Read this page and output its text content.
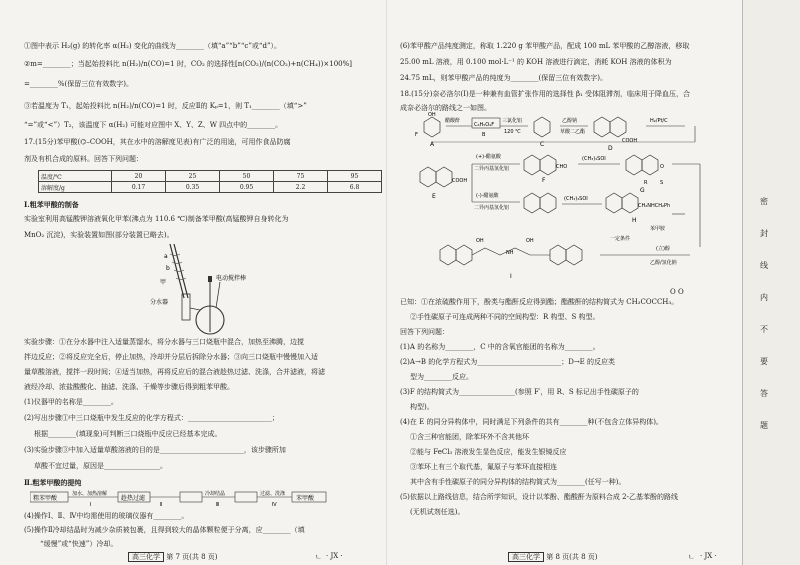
①图中表示 H₂(g) 的转化率 α(H₂) 变化的曲线为________（填“a”“b”“c”或“d”）。
②m=________；当起始投料比 n(H₂)/n(CO)=1 时，CO₂ 的选择性[n(CO₂)/(n(CO₂)+n(CH₄))×100%]
=________%(保留三位有效数字)。
③若温度为 T₁，起始投料比 n(H₂)/n(CO)=1 时，反应Ⅱ的 Kₚ=1，则 T₁________（填“>”
“=”或“<”）T₂，该温度下 α(H₂) 可能对应图中 X、Y、Z、W 四点中的________。
17.(15分)苯甲酸(⌬–COOH，其在水中的溶解度见表)有广泛的用途，可用作食品防腐
剂及有机合成的原料。回答下列问题：
温度/℃	20	25	50	75	95
溶解度/g	0.17	0.35	0.95	2.2	6.8
Ⅰ.粗苯甲酸的制备
实验室利用高锰酸钾溶液氧化甲苯(沸点为 110.6 ℃)制备苯甲酸(高锰酸钾自身转化为
MnO₂ 沉淀)，实验装置如图(部分装置已略去)。
a
b
甲
电动搅拌棒
分水器
实验步骤：①在分水器中注入适量蒸馏水，将分水器与三口烧瓶中混合，加热至沸腾，边搅
拌边反应；②将反应完全后，停止加热，冷却并分层后拆除分水器；③向三口烧瓶中慢慢加入适
量草酸溶液，搅拌一段时间；④适当加热，再将反应后的混合液趁热过滤、洗涤，合并滤液，将滤
液经冷却、浓盐酸酸化、抽滤、洗涤、干燥等步骤后得到粗苯甲酸。
(1)仪器甲的名称是________。
(2)写出步骤①中三口烧瓶中发生反应的化学方程式：________________________；
根据________(填现象)可判断三口烧瓶中反应已经基本完成。
(3)实验步骤③中加入适量草酸溶液的目的是________________________，该步骤所加
草酸不宜过量，原因是________________。
Ⅱ.粗苯甲酸的提纯
粗苯甲酸
加水、加热溶解
Ⅰ
趁热过滤
Ⅱ
冷却结晶
Ⅲ
过滤、洗涤
Ⅳ
苯甲酸
(4)操作Ⅰ、Ⅱ、Ⅳ中均需使用的玻璃仪器有________。
(5)操作Ⅱ冷却结晶时为减少杂质被包裹，且得到较大的晶体颗粒便于分离，应________（填
“缓慢”或“快速”）冷却。
高三化学 第 7 页(共 8 页)	· JX ·
ㄴ
(6)苯甲酸产品纯度测定，称取 1.220 g 苯甲酸产品，配成 100 mL 苯甲酸的乙醇溶液，移取
25.00 mL 溶液，用 0.100 mol·L⁻¹ 的 KOH 溶液进行滴定，消耗 KOH 溶液的体积为
24.75 mL，则苯甲酸产品的纯度为________(保留三位有效数字)。
18.(15分)奈必洛尔(Ⅰ)是一种兼有血管扩张作用的选择性 β₁ 受体阻滞剂，临床用于降血压，合
成奈必洛尔的路线之一如图。
OH
A
F
醋酸酐
C₆H₅O₂F
B
三氯化铝
120 ℃
C
乙醇钠
草酸二乙酯
COOH
D
H₂/Pt/C
COOH
E
(+)-醋氨酸
二异丙基氢化铝
(-)-醋氨酸
二异丙基氢化铝
CHO
F
(CH₃)₃SOI
O
R	S
G
(CH₃)₃SOI
CH₂NHCH₂Ph
H
苯甲胺
OH
NH
OH
I
(立)醇
乙醇/氢化钠
一定条件
O O
已知：①在浓硫酸作用下，酚类与酯酐反应得到酯；酯酸酐的结构简式为 CH₃COCCH₃。
②手性碳原子可连成两种不同的空间构型：R 构型、S 构型。
回答下列问题：
(1)A 的名称为________，C 中的含氧官能团的名称为________。
(2)A→B 的化学方程式为________________________；D→E 的反应类
型为________反应。
(3)F 的结构简式为________________(参照 F′，用 R、S 标记出手性碳原子的
构型)。
(4)在 E 的同分异构体中，同时满足下列条件的共有________种(不包含立体异构体)。
①含三种官能团，除苯环外不含其他环
②能与 FeCl₃ 溶液发生显色反应，能发生银镜反应
③苯环上有三个取代基，氟原子与苯环直接相连
其中含有手性碳原子的同分异构体的结构简式为________(任写一种)。
(5)依据以上路线信息，结合所学知识，设计以苯酚、酯酸酐为原料合成 2-乙基苯酚的路线
(无机试剂任选)。
高三化学 第 8 页(共 8 页)	· JX ·
ㄴ
密
封
线
内
不
要
答
题
